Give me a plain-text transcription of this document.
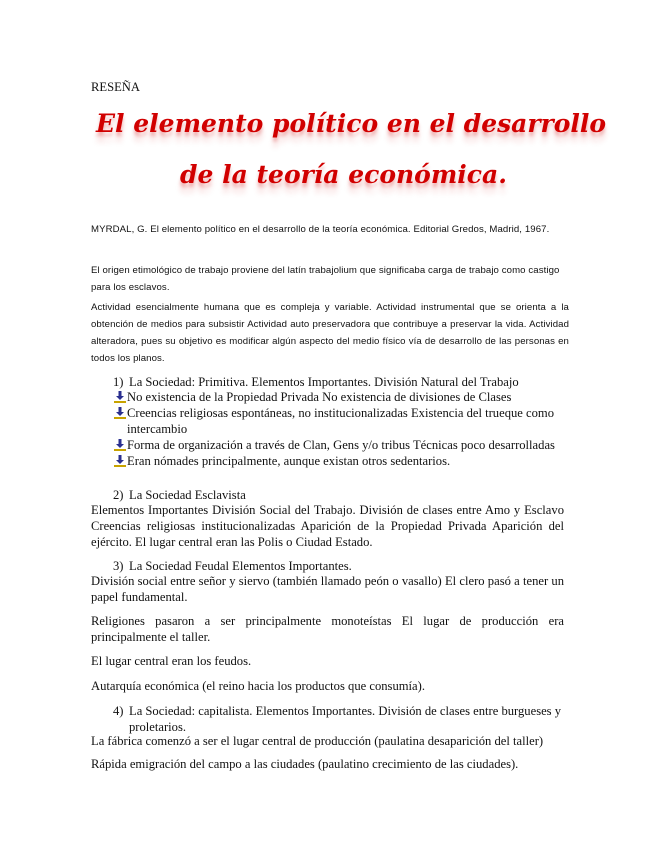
RESEÑA
El elemento político en el desarrollo
de la teoría económica.
MYRDAL, G. El elemento político en el desarrollo de la teoría económica. Editorial Gredos, Madrid, 1967.
El origen etimológico de trabajo proviene del latín trabajolium que significaba carga de trabajo como castigo para los esclavos.
Actividad esencialmente humana que es compleja y variable. Actividad instrumental que se orienta a la obtención de medios para subsistir Actividad auto preservadora que contribuye a preservar la vida. Actividad alteradora, pues su objetivo es modificar algún aspecto del medio físico vía de desarrollo de las personas en todos los planos.
1) La Sociedad: Primitiva. Elementos Importantes. División Natural del Trabajo
No existencia de la Propiedad Privada No existencia de divisiones de Clases
Creencias religiosas espontáneas, no institucionalizadas Existencia del trueque como intercambio
Forma de organización a través de Clan, Gens y/o tribus Técnicas poco desarrolladas
Eran nómades principalmente, aunque existan otros sedentarios.
2) La Sociedad Esclavista
Elementos Importantes División Social del Trabajo. División de clases entre Amo y Esclavo Creencias religiosas institucionalizadas Aparición de la Propiedad Privada Aparición del ejército. El lugar central eran las Polis o Ciudad Estado.
3) La Sociedad Feudal Elementos Importantes.
División social entre señor y siervo (también llamado peón o vasallo) El clero pasó a tener un papel fundamental.
Religiones pasaron a ser principalmente monoteístas El lugar de producción era principalmente el taller.
El lugar central eran los feudos.
Autarquía económica (el reino hacia los productos que consumía).
4) La Sociedad: capitalista. Elementos Importantes. División de clases entre burgueses y proletarios.
La fábrica comenzó a ser el lugar central de producción (paulatina desaparición del taller)
Rápida emigración del campo a las ciudades (paulatino crecimiento de las ciudades).
